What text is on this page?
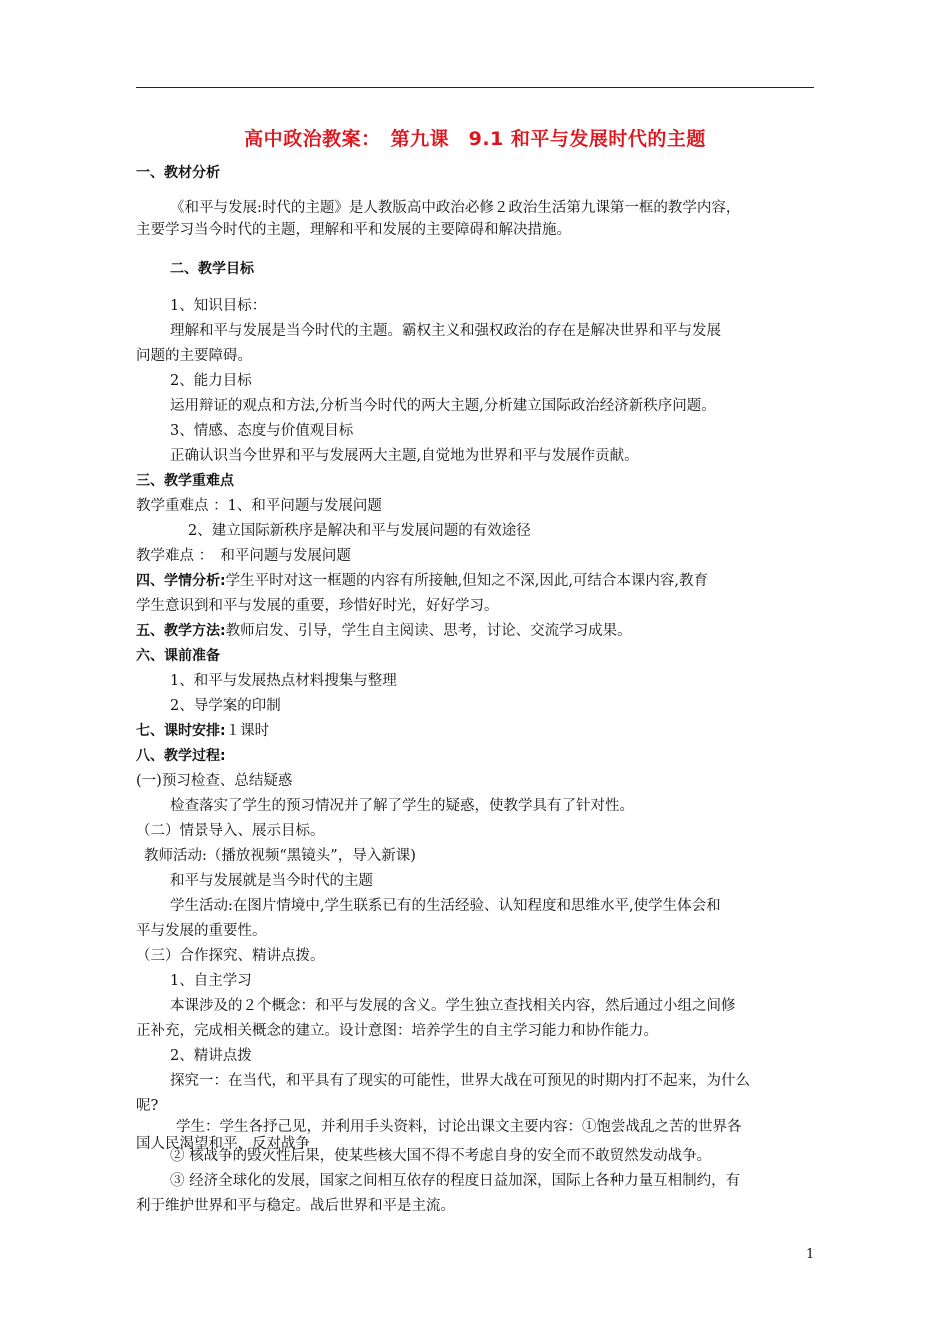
高中政治教案：　第九课　9.1 和平与发展时代的主题
一、教材分析
《和平与发展:时代的主题》是人教版高中政治必修２政治生活第九课第一框的教学内容，
主要学习当今时代的主题，理解和平和发展的主要障碍和解决措施。
二、教学目标
1、知识目标：
理解和平与发展是当今时代的主题。霸权主义和强权政治的存在是解决世界和平与发展
问题的主要障碍。
2、能力目标
运用辩证的观点和方法,分析当今时代的两大主题,分析建立国际政治经济新秩序问题。
3、情感、态度与价值观目标
正确认识当今世界和平与发展两大主题,自觉地为世界和平与发展作贡献。
三、教学重难点
教学重难点 ：1、和平问题与发展问题
2、建立国际新秩序是解决和平与发展问题的有效途径
教学难点 ：　和平问题与发展问题
四、学情分析:学生平时对这一框题的内容有所接触,但知之不深,因此,可结合本课内容,教育
学生意识到和平与发展的重要，珍惜好时光，好好学习。
五、教学方法:教师启发、引导，学生自主阅读、思考，讨论、交流学习成果。
六、课前准备
1、和平与发展热点材料搜集与整理
2、导学案的印制
七、课时安排:１课时
八、教学过程:
(一)预习检查、总结疑惑
检查落实了学生的预习情况并了解了学生的疑惑，使教学具有了针对性。
（二）情景导入、展示目标。
教师活动:（播放视频“黑镜头”，导入新课)
和平与发展就是当今时代的主题
学生活动:在图片情境中,学生联系已有的生活经验、认知程度和思维水平,使学生体会和
平与发展的重要性。
（三）合作探究、精讲点拨。
1、自主学习
本课涉及的２个概念：和平与发展的含义。学生独立查找相关内容，然后通过小组之间修
正补充，完成相关概念的建立。设计意图：培养学生的自主学习能力和协作能力。
2、精讲点拨
探究一：在当代，和平具有了现实的可能性，世界大战在可预见的时期内打不起来，为什么
呢?
学生：学生各抒己见，并利用手头资料，讨论出课文主要内容：①饱尝战乱之苦的世界各
国人民渴望和平，反对战争
② 核战争的毁灭性后果，使某些核大国不得不考虑自身的安全而不敢贸然发动战争。
③ 经济全球化的发展，国家之间相互依存的程度日益加深，国际上各种力量互相制约，有
利于维护世界和平与稳定。战后世界和平是主流。
1
